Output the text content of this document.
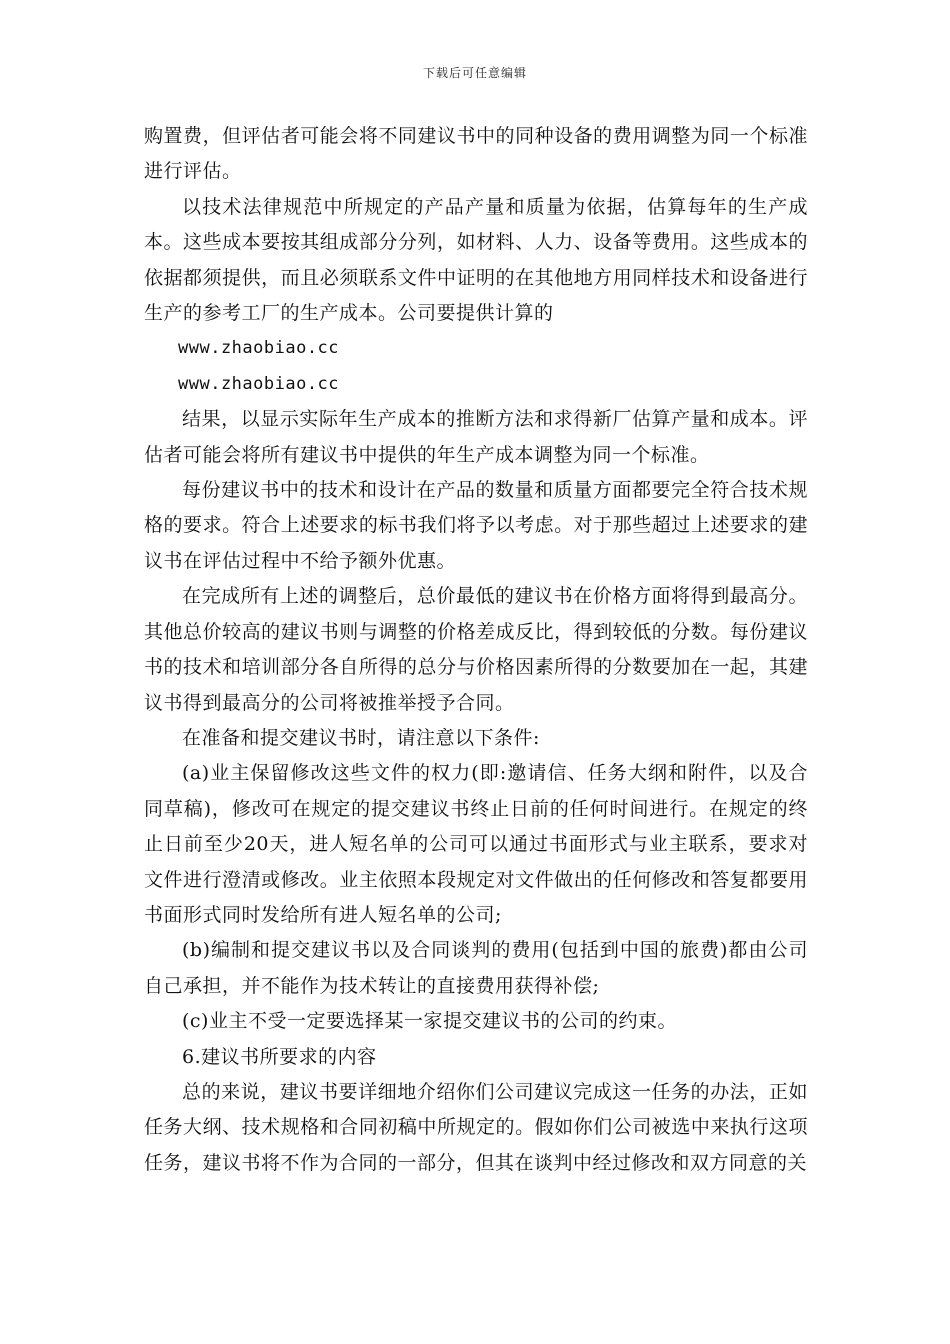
下载后可任意编辑

购置费，但评估者可能会将不同建议书中的同种设备的费用调整为同一个标准进行评估。

以技术法律规范中所规定的产品产量和质量为依据，估算每年的生产成本。这些成本要按其组成部分分列，如材料、人力、设备等费用。这些成本的依据都须提供，而且必须联系文件中证明的在其他地方用同样技术和设备进行生产的参考工厂的生产成本。公司要提供计算的

www.zhaobiao.cc

www.zhaobiao.cc

结果，以显示实际年生产成本的推断方法和求得新厂估算产量和成本。评估者可能会将所有建议书中提供的年生产成本调整为同一个标准。

每份建议书中的技术和设计在产品的数量和质量方面都要完全符合技术规格的要求。符合上述要求的标书我们将予以考虑。对于那些超过上述要求的建议书在评估过程中不给予额外优惠。

在完成所有上述的调整后，总价最低的建议书在价格方面将得到最高分。其他总价较高的建议书则与调整的价格差成反比，得到较低的分数。每份建议书的技术和培训部分各自所得的总分与价格因素所得的分数要加在一起，其建议书得到最高分的公司将被推举授予合同。

在准备和提交建议书时，请注意以下条件:

(a)业主保留修改这些文件的权力(即:邀请信、任务大纲和附件，以及合同草稿)，修改可在规定的提交建议书终止日前的任何时间进行。在规定的终止日前至少20天，进人短名单的公司可以通过书面形式与业主联系，要求对文件进行澄清或修改。业主依照本段规定对文件做出的任何修改和答复都要用书面形式同时发给所有进人短名单的公司;

(b)编制和提交建议书以及合同谈判的费用(包括到中国的旅费)都由公司自己承担，并不能作为技术转让的直接费用获得补偿;

(c)业主不受一定要选择某一家提交建议书的公司的约束。

6.建议书所要求的内容

总的来说，建议书要详细地介绍你们公司建议完成这一任务的办法，正如任务大纲、技术规格和合同初稿中所规定的。假如你们公司被选中来执行这项任务，建议书将不作为合同的一部分，但其在谈判中经过修改和双方同意的关
